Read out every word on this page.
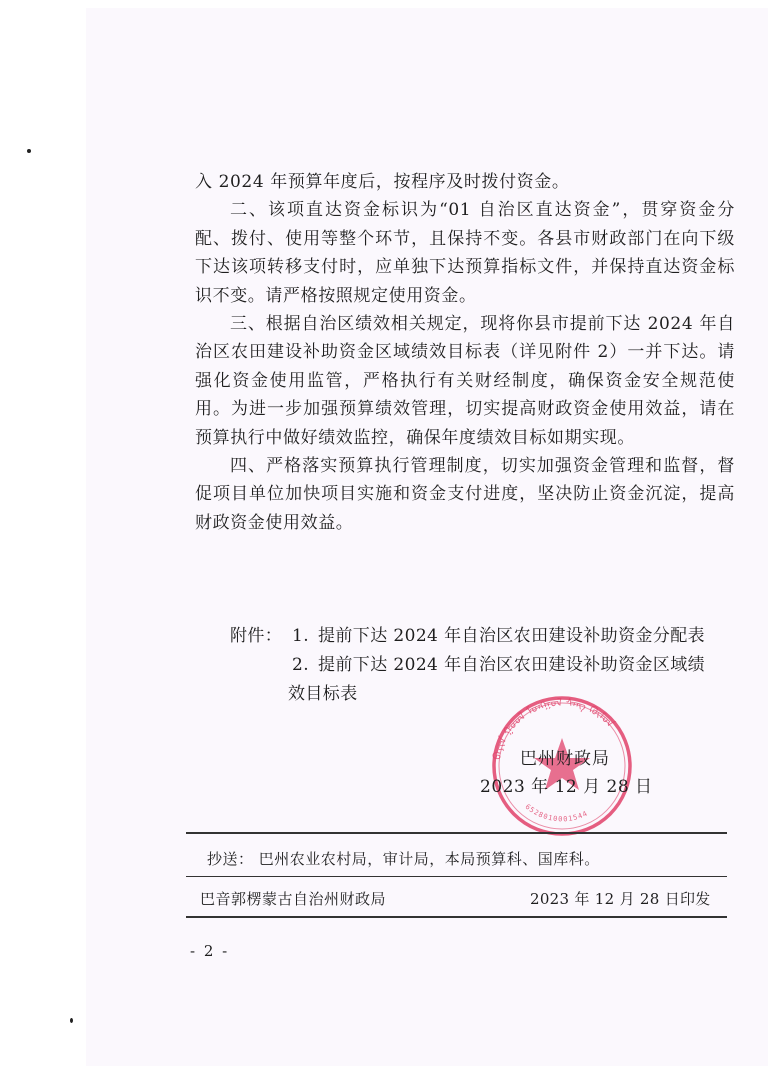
入 2024 年预算年度后，按程序及时拨付资金。

二、该项直达资金标识为“01 自治区直达资金”，贯穿资金分配、拨付、使用等整个环节，且保持不变。各县市财政部门在向下级下达该项转移支付时，应单独下达预算指标文件，并保持直达资金标识不变。请严格按照规定使用资金。

三、根据自治区绩效相关规定，现将你县市提前下达 2024 年自治区农田建设补助资金区域绩效目标表（详见附件 2）一并下达。请强化资金使用监管，严格执行有关财经制度，确保资金安全规范使用。为进一步加强预算绩效管理，切实提高财政资金使用效益，请在预算执行中做好绩效监控，确保年度绩效目标如期实现。

四、严格落实预算执行管理制度，切实加强资金管理和监督，督促项目单位加快项目实施和资金支付进度，坚决防止资金沉淀，提高财政资金使用效益。

附件： 1. 提前下达 2024 年自治区农田建设补助资金分配表
2. 提前下达 2024 年自治区农田建设补助资金区域绩
效目标表
ᠪᠠᠶᠢᠨ ᠭᠣᠣᠯ ᠮᠣᠩᠭᠣᠯ ᠰᠠᠩ ᠬᠥᠮᠦᠨ
6528010001544
巴州财政局
2023 年 12 月 28 日
抄送： 巴州农业农村局，审计局，本局预算科、国库科。
巴音郭楞蒙古自治州财政局	2023 年 12 月 28 日印发
- 2 -
